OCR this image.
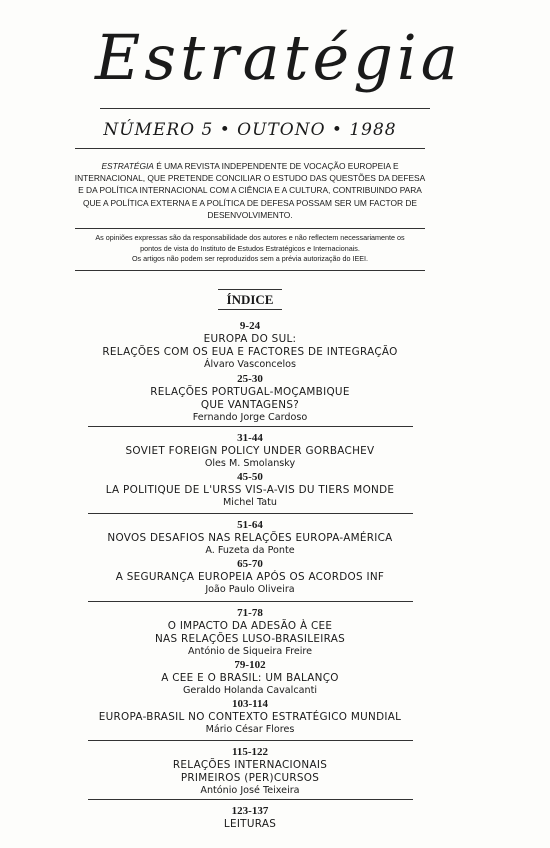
Estratégia
NÚMERO 5 • OUTONO • 1988
ESTRATÉGIA É UMA REVISTA INDEPENDENTE DE VOCAÇÃO EUROPEIA E INTERNACIONAL, QUE PRETENDE CONCILIAR O ESTUDO DAS QUESTÕES DA DEFESA E DA POLÍTICA INTERNACIONAL COM A CIÊNCIA E A CULTURA, CONTRIBUINDO PARA QUE A POLÍTICA EXTERNA E A POLÍTICA DE DEFESA POSSAM SER UM FACTOR DE DESENVOLVIMENTO.
As opiniões expressas são da responsabilidade dos autores e não reflectem necessariamente os
pontos de vista do Instituto de Estudos Estratégicos e Internacionais.
Os artigos não podem ser reproduzidos sem a prévia autorização do IEEI.
ÍNDICE
9-24
EUROPA DO SUL:
RELAÇÕES COM OS EUA E FACTORES DE INTEGRAÇÃO
Álvaro Vasconcelos
25-30
RELAÇÕES PORTUGAL-MOÇAMBIQUE
QUE VANTAGENS?
Fernando Jorge Cardoso
31-44
SOVIET FOREIGN POLICY UNDER GORBACHEV
Oles M. Smolansky
45-50
LA POLITIQUE DE L'URSS VIS-A-VIS DU TIERS MONDE
Michel Tatu
51-64
NOVOS DESAFIOS NAS RELAÇÕES EUROPA-AMÉRICA
A. Fuzeta da Ponte
65-70
A SEGURANÇA EUROPEIA APÓS OS ACORDOS INF
João Paulo Oliveira
71-78
O IMPACTO DA ADESÃO À CEE
NAS RELAÇÕES LUSO-BRASILEIRAS
António de Siqueira Freire
79-102
A CEE E O BRASIL: UM BALANÇO
Geraldo Holanda Cavalcanti
103-114
EUROPA-BRASIL NO CONTEXTO ESTRATÉGICO MUNDIAL
Mário César Flores
115-122
RELAÇÕES INTERNACIONAIS
PRIMEIROS (PER)CURSOS
António José Teixeira
123-137
LEITURAS
